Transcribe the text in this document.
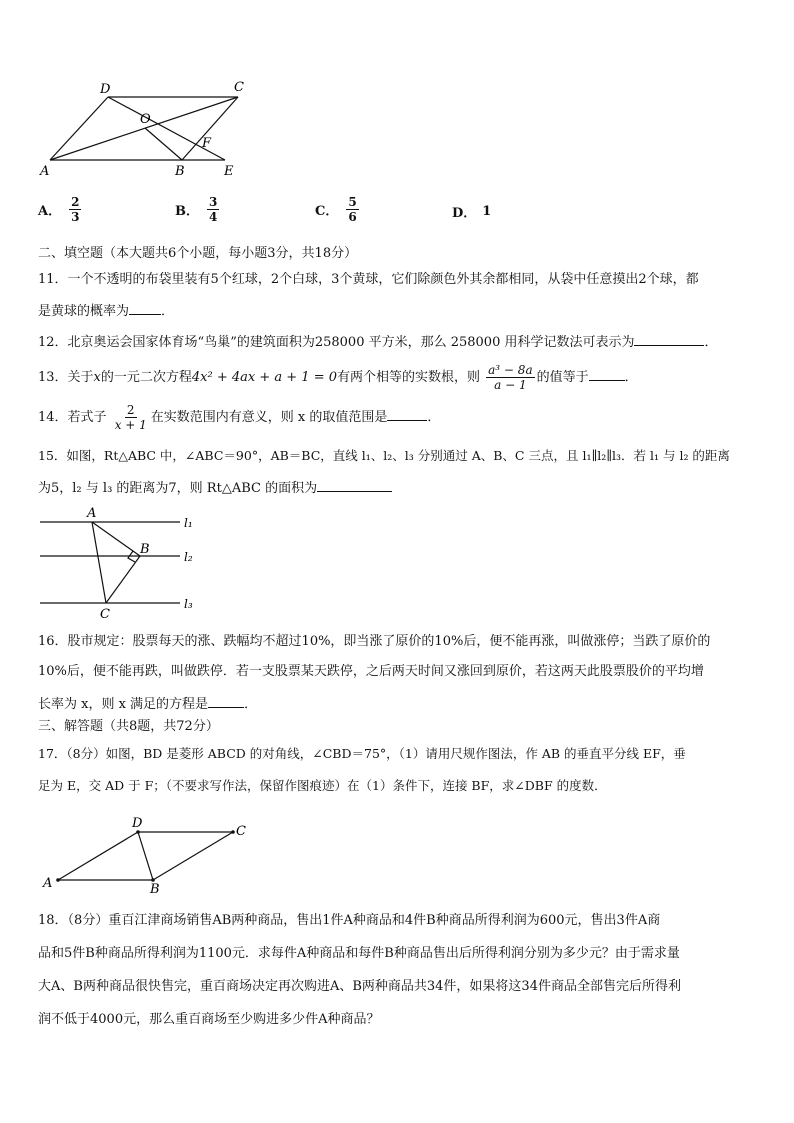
D	C
O
F
A	B	E
A． $\frac{2}{3}$	B． $\frac{3}{4}$	C． $\frac{5}{6}$	D． 1
二、填空题（本大题共6个小题，每小题3分，共18分）
11．一个不透明的布袋里装有5个红球，2个白球，3个黄球，它们除颜色外其余都相同，从袋中任意摸出2个球，都
是黄球的概率为 ．
12．北京奥运会国家体育场“鸟巢”的建筑面积为258000 平方米，那么 258000 用科学记数法可表示为	．
13．关于x的一元二次方程4x² + 4ax + a + 1 = 0有两个相等的实数根，则 $\frac{\text{a³ − 8a}}{a - 1}$ 的值等于	．
14．若式子 $\frac{2}{x + 1}$ 在实数范围内有意义，则 x 的取值范围是	．
15．如图，Rt△ABC 中，∠ABC＝90°，AB＝BC，直线 l₁、l₂、l₃ 分别通过 A、B、C 三点，且 l₁∥l₂∥l₃．若 l₁ 与 l₂ 的距离
为5，l₂ 与 l₃ 的距离为7，则 Rt△ABC 的面积为
A
B
C
l₁
l₂
l₃
16．股市规定：股票每天的涨、跌幅均不超过10%，即当涨了原价的10%后，便不能再涨，叫做涨停；当跌了原价的
10%后，便不能再跌，叫做跌停．若一支股票某天跌停，之后两天时间又涨回到原价，若这两天此股票股价的平均增
长率为 x，则 x 满足的方程是	．
三、解答题（共8题，共72分）
17．（8分）如图，BD 是菱形 ABCD 的对角线，∠CBD＝75°，（1）请用尺规作图法，作 AB 的垂直平分线 EF，垂
足为 E，交 AD 于 F；（不要求写作法，保留作图痕迹）在（1）条件下，连接 BF，求∠DBF 的度数．
D
C
A	B
18．（8分）重百江津商场销售AB两种商品，售出1件A种商品和4件B种商品所得利润为600元，售出3件A商
品和5件B种商品所得利润为1100元．求每件A种商品和每件B种商品售出后所得利润分别为多少元？由于需求量
大A、B两种商品很快售完，重百商场决定再次购进A、B两种商品共34件，如果将这34件商品全部售完后所得利
润不低于4000元，那么重百商场至少购进多少件A种商品？
